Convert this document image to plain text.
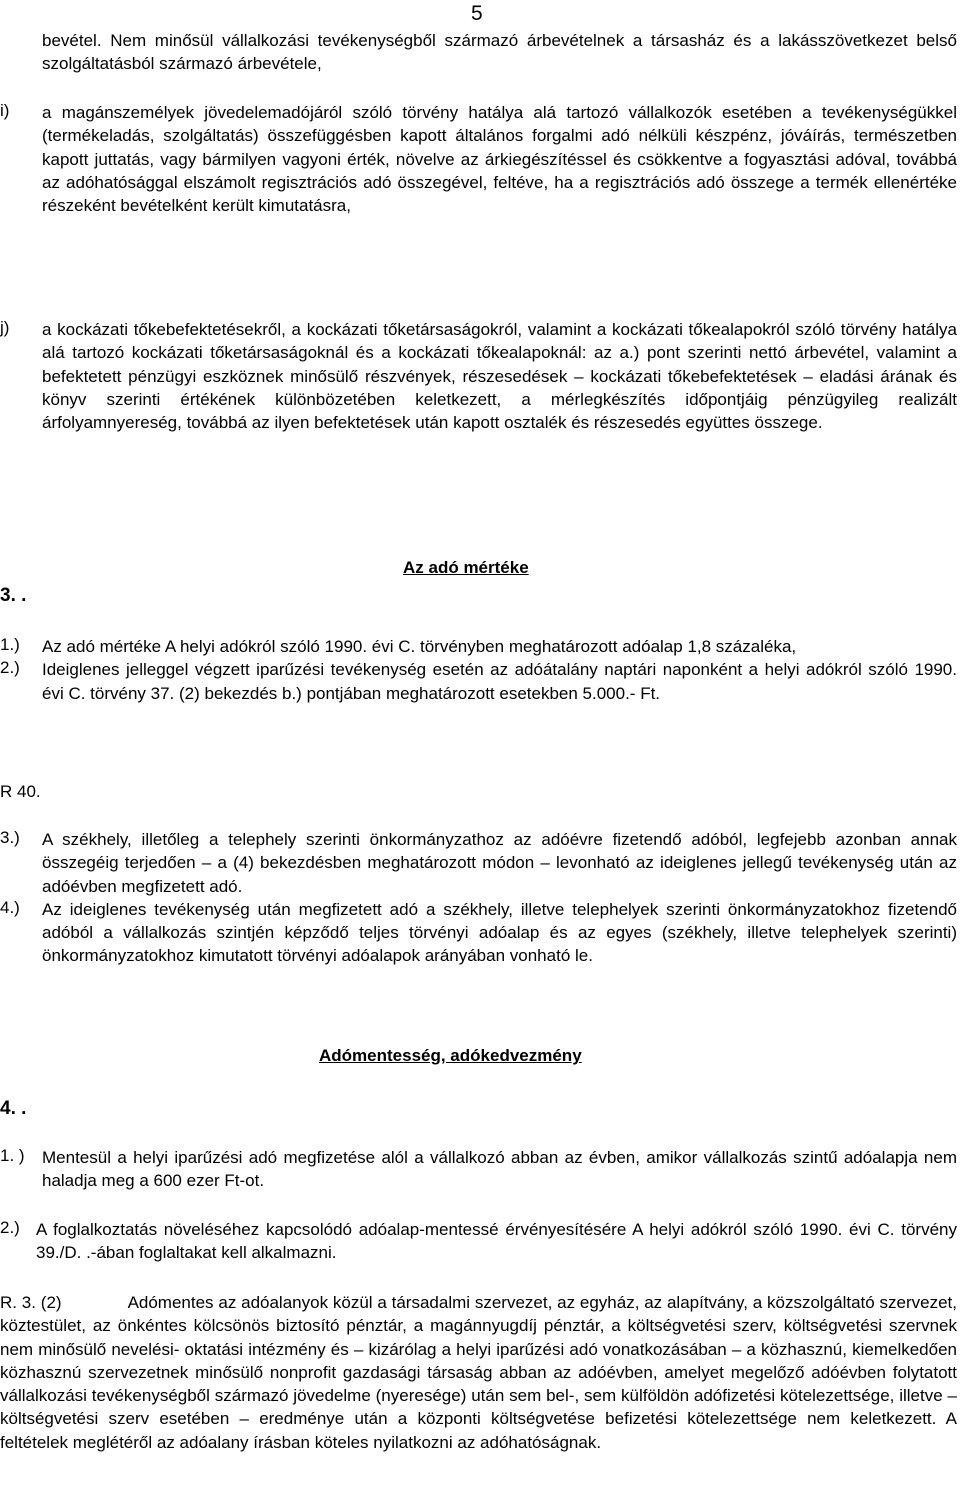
5

bevétel. Nem minősül vállalkozási tevékenységből származó árbevételnek a társasház és a lakásszövetkezet belső szolgáltatásból származó árbevétele,

i)	a magánszemélyek jövedelemadójáról szóló törvény hatálya alá tartozó vállalkozók esetében a tevékenységükkel (termékeladás, szolgáltatás) összefüggésben kapott általános forgalmi adó nélküli készpénz, jóváírás, természetben kapott juttatás, vagy bármilyen vagyoni érték, növelve az árkiegészítéssel és csökkentve a fogyasztási adóval, továbbá az adóhatósággal elszámolt regisztrációs adó összegével, feltéve, ha a regisztrációs adó összege a termék ellenértéke részeként bevételként került kimutatásra,

j)	a kockázati tőkebefektetésekről, a kockázati tőketársaságokról, valamint a kockázati tőkealapokról szóló törvény hatálya alá tartozó kockázati tőketársaságoknál és a kockázati tőkealapoknál: az a.) pont szerinti nettó árbevétel, valamint a befektetett pénzügyi eszköznek minősülő részvények, részesedések – kockázati tőkebefektetések – eladási árának és könyv szerinti értékének különbözetében keletkezett, a mérlegkészítés időpontjáig pénzügyileg realizált árfolyamnyereség, továbbá az ilyen befektetések után kapott osztalék és részesedés együttes összege.

Az adó mértéke
3. .
1.)	Az adó mértéke A helyi adókról szóló 1990. évi C. törvényben meghatározott adóalap 1,8 százaléka,

2.)	Ideiglenes jelleggel végzett iparűzési tevékenység esetén az adóátalány naptári naponként a helyi adókról szóló 1990. évi C. törvény 37. (2) bekezdés b.) pontjában meghatározott esetekben 5.000.- Ft.

R 40.
3.)	A székhely, illetőleg a telephely szerinti önkormányzathoz az adóévre fizetendő adóból, legfejebb azonban annak összegéig terjedően – a (4) bekezdésben meghatározott módon – levonható az ideiglenes jellegű tevékenység után az adóévben megfizetett adó.

4.)	Az ideiglenes tevékenység után megfizetett adó a székhely, illetve telephelyek szerinti önkormányzatokhoz fizetendő adóból a vállalkozás szintjén képződő teljes törvényi adóalap és az egyes (székhely, illetve telephelyek szerinti) önkormányzatokhoz kimutatott törvényi adóalapok arányában vonható le.

Adómentesség, adókedvezmény
4. .
1. )	Mentesül a helyi iparűzési adó megfizetése alól a vállalkozó abban az évben, amikor vállalkozás szintű adóalapja nem haladja meg a 600 ezer Ft-ot.

2.) A foglalkoztatás növeléséhez kapcsolódó adóalap-mentessé érvényesítésére A helyi adókról szóló 1990. évi C. törvény 39./D. .-ában foglaltakat kell alkalmazni.

R. 3. (2)	Adómentes az adóalanyok közül a társadalmi szervezet, az egyház, az alapítvány, a közszolgáltató szervezet, köztestület, az önkéntes kölcsönös biztosító pénztár, a magánnyugdíj pénztár, a költségvetési szerv, költségvetési szervnek nem minősülő nevelési- oktatási intézmény és – kizárólag a helyi iparűzési adó vonatkozásában – a közhasznú, kiemelkedően közhasznú szervezetnek minősülő nonprofit gazdasági társaság abban az adóévben, amelyet megelőző adóévben folytatott vállalkozási tevékenységből származó jövedelme (nyeresége) után sem bel-, sem külföldön adófizetési kötelezettsége, illetve – költségvetési szerv esetében – eredménye után a központi költségvetése befizetési kötelezettsége nem keletkezett. A feltételek meglétéről az adóalany írásban köteles nyilatkozni az adóhatóságnak.
